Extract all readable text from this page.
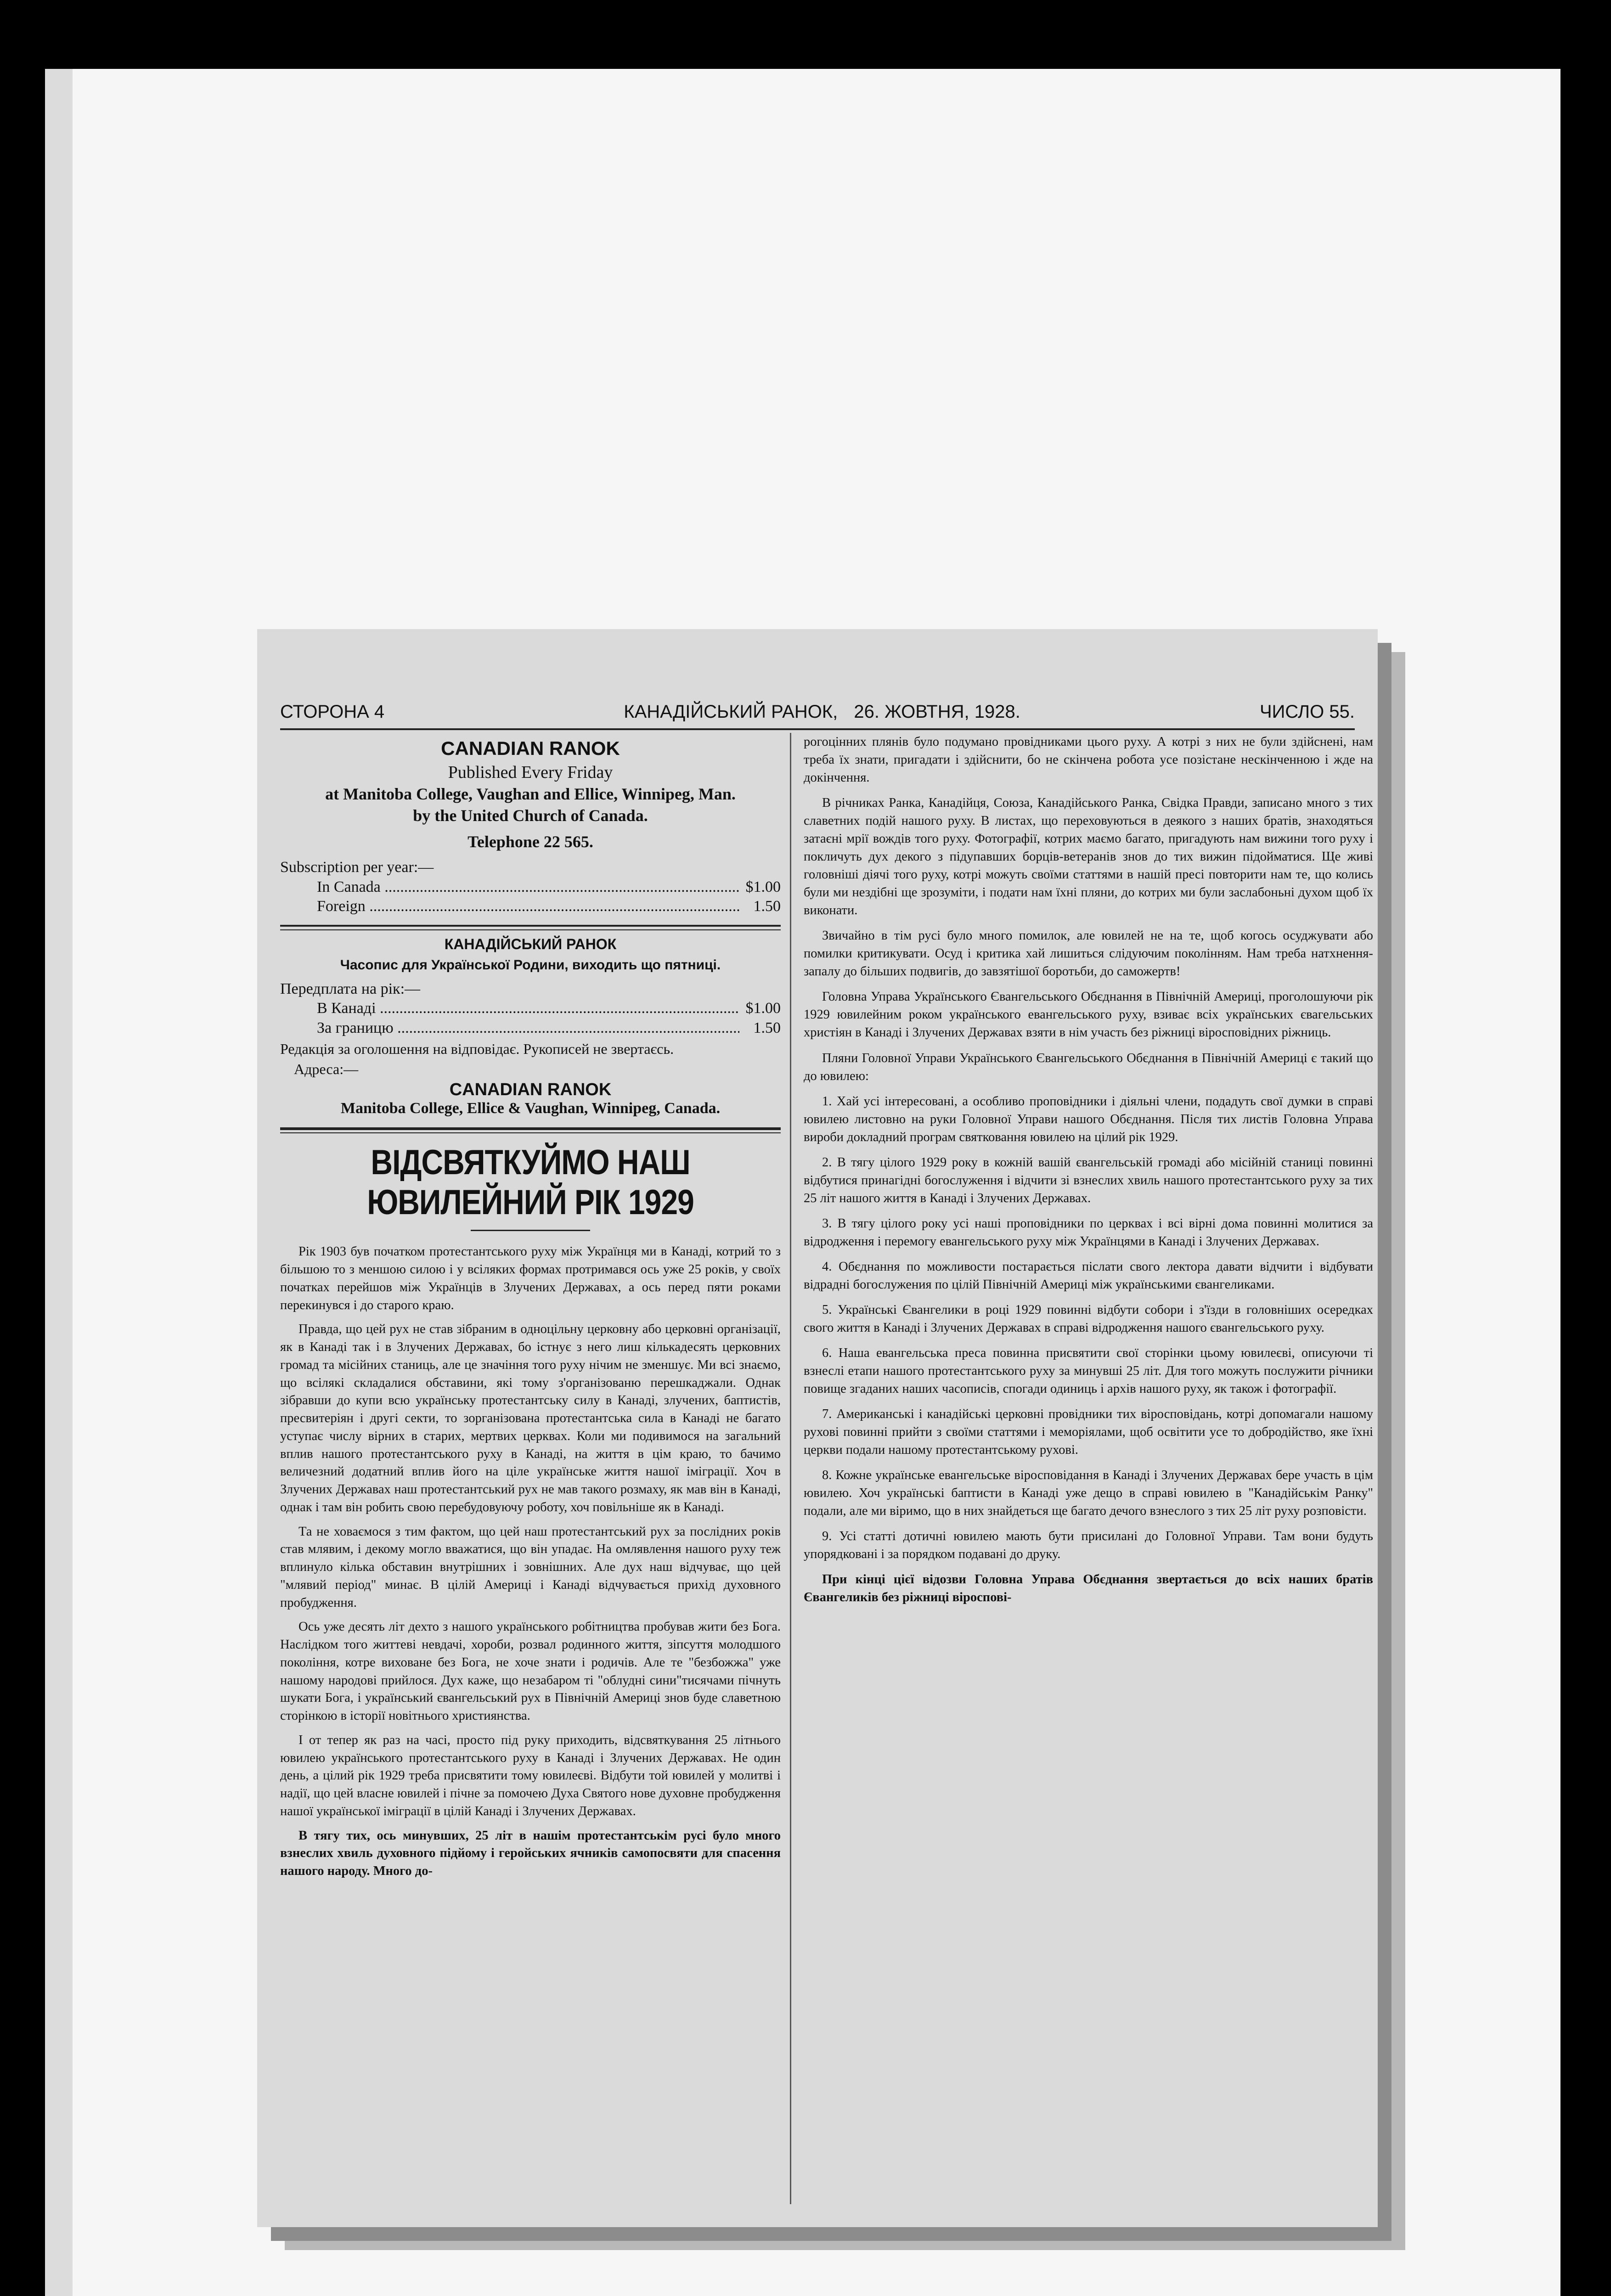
СТОРОНА 4	КАНАДІЙСЬКИЙ РАНОК, 26. ЖОВТНЯ, 1928.	ЧИСЛО 55.
CANADIAN RANOK
Published Every Friday
at Manitoba College, Vaughan and Ellice, Winnipeg, Man.
by the United Church of Canada.
Telephone 22 565.
Subscription per year:—
In Canada .....	$1.00
Foreign .....	1.50
КАНАДІЙСЬКИЙ РАНОК
Часопис для Української Родини, виходить що пятниці.
Передплата на рік:—
В Канаді .....	$1.00
За границю .....	1.50
Редакція за оголошення на відповідає. Рукописей не звертаєсь.
Адреса:—
CANADIAN RANOK
Manitoba College, Ellice & Vaughan, Winnipeg, Canada.
ВІДСВЯТКУЙМО НАШ ЮВИЛЕЙНИЙ РІК 1929

Рік 1903 був початком протестантського руху між Українця ми в Канаді, котрий то з більшою то з меншою силою і у всіляких формах протримався ось уже 25 років, у своїх початках перейшов між Українців в Злучених Державах, а ось перед пяти роками перекинувся і до старого краю.

Правда, що цей рух не став зібраним в одноцільну церковну або церковні організації, як в Канаді так і в Злучених Державах, бо істнує з него лиш кількадесять церковних громад та місійних станиць, але це значіння того руху нічим не зменшує. Ми всі знаємо, що всілякі складалися обставини, які тому з'організованю перешкаджали. Однак зібравши до купи всю українську протестантську силу в Канаді, злучених, баптистів, пресвитеріян і другі секти, то зорганізована протестантська сила в Канаді не багато уступає числу вірних в старих, мертвих церквах. Коли ми подивимося на загальний вплив нашого протестантського руху в Канаді, на життя в цім краю, то бачимо величезний додатний вплив його на ціле українське життя нашої іміграції. Хоч в Злучених Державах наш протестантський рух не мав такого розмаху, як мав він в Канаді, однак і там він робить свою перебудовуючу роботу, хоч повільніше як в Канаді.

Та не ховаємося з тим фактом, що цей наш протестантський рух за послідних років став млявим, і декому могло вважатися, що він упадає. На омлявлення нашого руху теж вплинуло кілька обставин внутрішних і зовнішних. Але дух наш відчуває, що цей "млявий період" минає. В цілій Америці і Канаді відчувається прихід духовного пробудження.

Ось уже десять літ дехто з нашого українського робітництва пробував жити без Бога. Наслідком того життеві невдачі, хороби, розвал родинного життя, зіпсуття молодшого покоління, котре виховане без Бога, не хоче знати і родичів. Але те "безбожжа" уже нашому народові прийлося. Дух каже, що незабаром ті "облудні сини"тисячами пічнуть шукати Бога, і український євангельський рух в Північній Америці знов буде славетною сторінкою в історії новітнього християнства.

І от тепер як раз на часі, просто під руку приходить, відсвяткування 25 літнього ювилею українського протестантського руху в Канаді і Злучених Державах. Не один день, а цілий рік 1929 треба присвятити тому ювилеєві. Відбути той ювилей у молитві і надії, що цей власне ювилей і пічне за помочею Духа Святого нове духовне пробудження нашої української іміграції в цілій Канаді і Злучених Державах.

В тягу тих, ось минувших, 25 літ в нашім протестантськім русі було много взнеслих хвиль духовного підйому і геройських ячників самопосвяти для спасення нашого народу. Много до-

рогоцінних плянів було подумано провідниками цього руху. А котрі з них не були здійснені, нам треба їх знати, пригадати і здійснити, бо не скінчена робота усе позістане нескінченною і жде на докінчення.

В річниках Ранка, Канадійця, Союза, Канадійського Ранка, Свідка Правди, записано много з тих славетних подій нашого руху. В листах, що переховуються в деякого з наших братів, знаходяться затаєні мрії вождів того руху. Фотографії, котрих маємо багато, пригадують нам вижини того руху і покличуть дух декого з підупавших борців-ветеранів знов до тих вижин підойматися. Ще живі головніші діячі того руху, котрі можуть своїми статтями в нашій пресі повторити нам те, що колись були ми нездібні ще зрозуміти, і подати нам їхні пляни, до котрих ми були заслабоньні духом щоб їх виконати.

Звичайно в тім русі було много помилок, але ювилей не на те, щоб когось осуджувати або помилки критикувати. Осуд і критика хай лишиться слідуючим поколінням. Нам треба натхнення-запалу до більших подвигів, до завзятішої боротьби, до саможертв!

Головна Управа Українського Євангельського Обєднання в Північній Америці, проголошуючи рік 1929 ювилейним роком українського евангельського руху, взиває всіх українських євагельських христіян в Канаді і Злучених Державах взяти в нім участь без ріжниці віросповідних ріжниць.

Пляни Головної Управи Українського Євангельського Обєднання в Північній Америці є такий що до ювилею:

1. Хай усі інтересовані, а особливо проповідники і діяльні члени, подадуть свої думки в справі ювилею листовно на руки Головної Управи нашого Обєднання. Після тих листів Головна Управа вироби докладний програм святковання ювилею на цілий рік 1929.

2. В тягу цілого 1929 року в кожній вашій євангельській громаді або місійній станиці повинні відбутися принагідні богослуження і відчити зі взнеслих хвиль нашого протестантського руху за тих 25 літ нашого життя в Канаді і Злучених Державах.

3. В тягу цілого року усі наші проповідники по церквах і всі вірні дома повинні молитися за відродження і перемогу евангельського руху між Українцями в Канаді і Злучених Державах.

4. Обєднання по можливости постарається післати свого лектора давати відчити і відбувати відрадні богослужения по цілій Північній Америці між українськими євангеликами.

5. Українські Євангелики в році 1929 повинні відбути собори і з'їзди в головніших осередках свого життя в Канаді і Злучених Державах в справі відродження нашого євангельського руху.

6. Наша евангельська преса повинна присвятити свої сторінки цьому ювилеєві, описуючи ті взнеслі етапи нашого протестантського руху за минувші 25 літ. Для того можуть послужити річники повище згаданих наших часописів, спогади одиниць і архів нашого руху, як також і фотографії.

7. Американські і канадійські церковні провідники тих віросповідань, котрі допомагали нашому рухові повинні прийти з своїми статтями і меморіялами, щоб освітити усе то добродійство, яке їхні церкви подали нашому протестантському рухові.

8. Кожне українське евангельське віросповідання в Канаді і Злучених Державах бере участь в цім ювилею. Хоч українські баптисти в Канаді уже дещо в справі ювилею в "Канадійськім Ранку" подали, але ми віримо, що в них знайдеться ще багато дечого взнеслого з тих 25 літ руху розповісти.

9. Усі статті дотичні ювилею мають бути присилані до Головної Управи. Там вони будуть упорядковані і за порядком подавані до друку.

При кінці цієї відозви Головна Управа Обєднання звертається до всіх наших братів Євангеликів без ріжниці віроспові-
